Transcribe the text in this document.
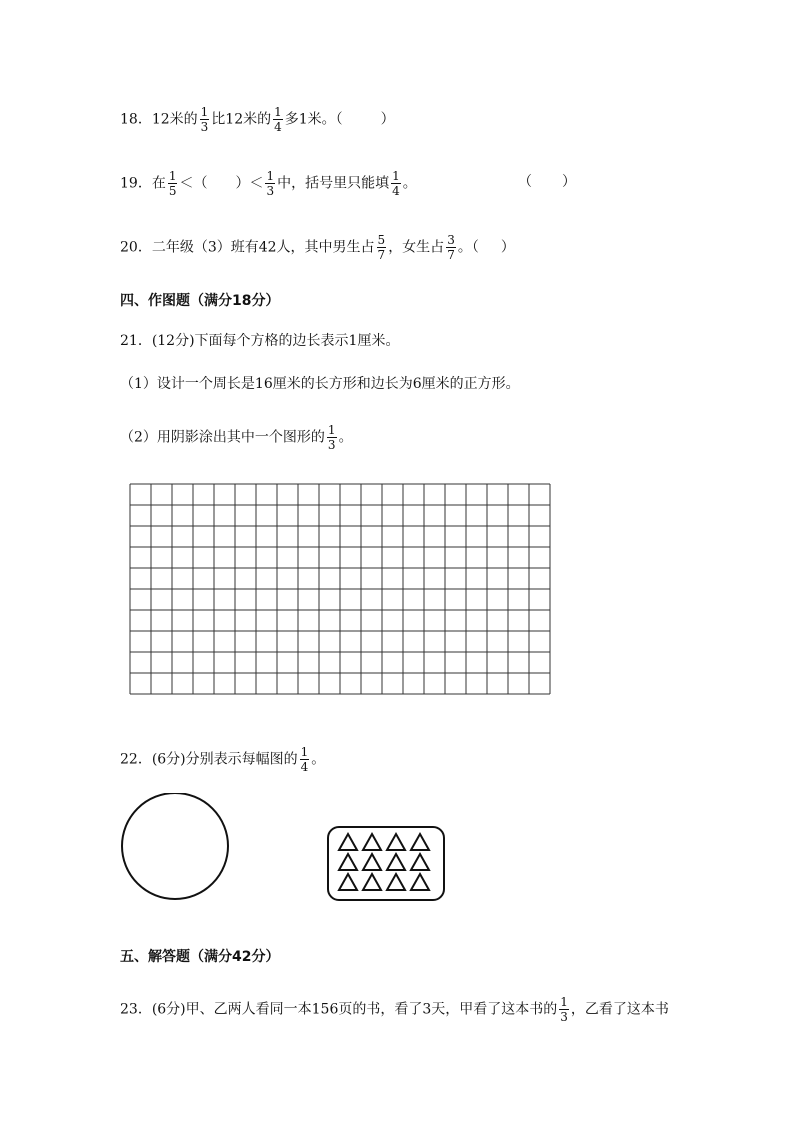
18．12米的 $\frac{1}{3}$ 比12米的 $\frac{1}{4}$ 多1米。（	）
19．在 $\frac{1}{5}$ ＜（ ）＜ $\frac{1}{3}$ 中，括号里只能填 $\frac{1}{4}$ 。	（ ）
20．二年级（3）班有42人，其中男生占 $\frac{5}{7}$ ，女生占 $\frac{3}{7}$ 。（ ）
四、作图题（满分18分）
21．(12分)下面每个方格的边长表示1厘米。
（1）设计一个周长是16厘米的长方形和边长为6厘米的正方形。
（2）用阴影涂出其中一个图形的 $\frac{1}{3}$ 。
22．(6分)分别表示每幅图的 $\frac{1}{4}$ 。
五、解答题（满分42分）
23．(6分)甲、乙两人看同一本156页的书，看了3天，甲看了这本书的 $\frac{1}{3}$ ，乙看了这本书
